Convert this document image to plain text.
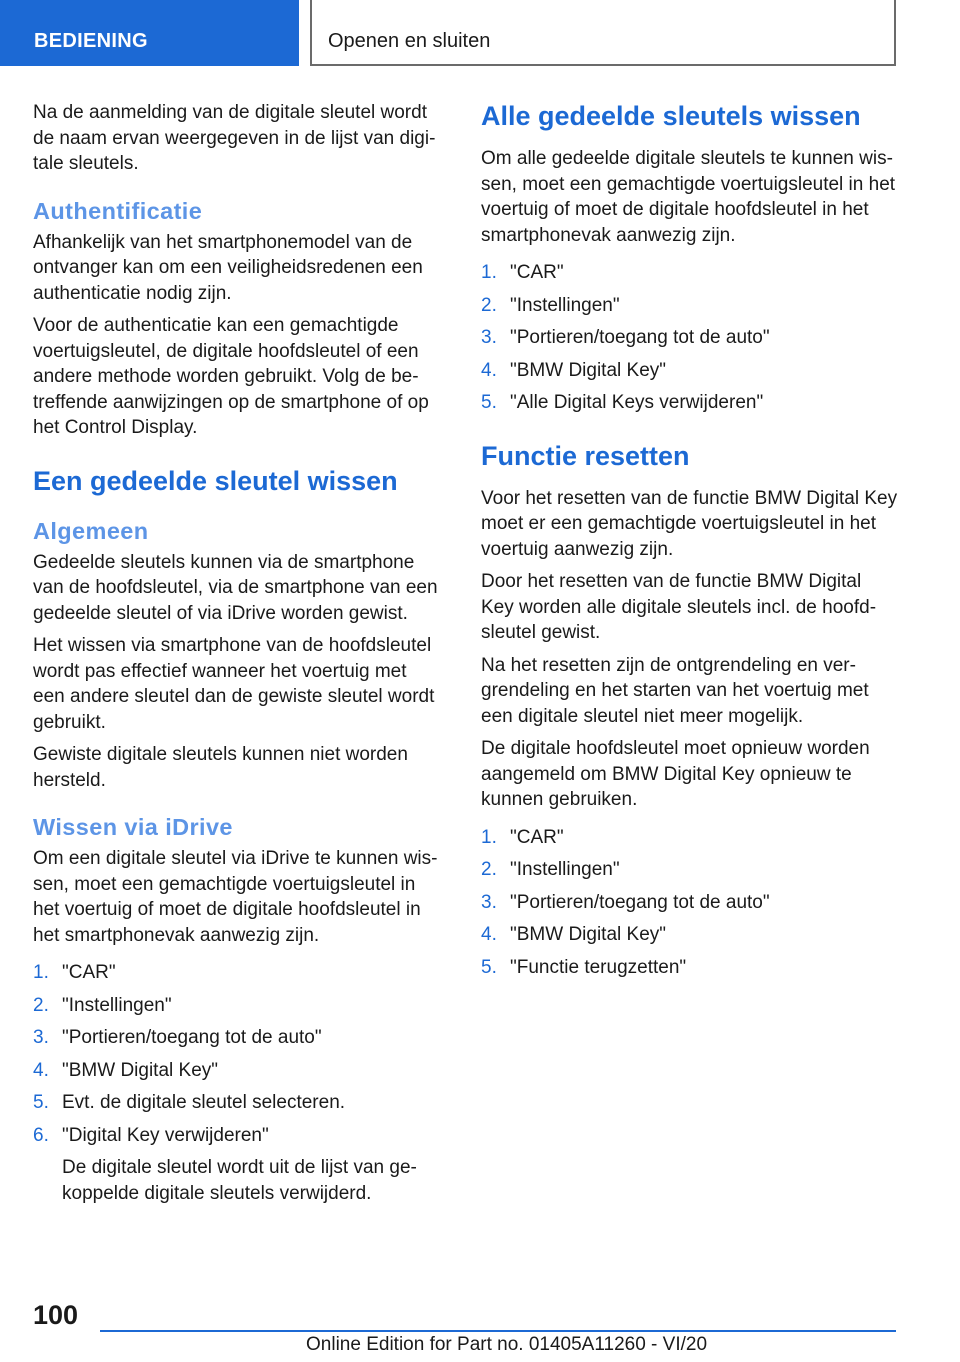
BEDIENING	Openen en sluiten

Na de aanmelding van de digitale sleutel wordt de naam ervan weergegeven in de lijst van digitale sleutels.

Authentificatie

Afhankelijk van het smartphonemodel van de ontvanger kan om een veiligheidsredenen een authenticatie nodig zijn.

Voor de authenticatie kan een gemachtigde voertuigsleutel, de digitale hoofdsleutel of een andere methode worden gebruikt. Volg de betreffende aanwijzingen op de smartphone of op het Control Display.

Een gedeelde sleutel wissen
Algemeen

Gedeelde sleutels kunnen via de smartphone van de hoofdsleutel, via de smartphone van een gedeelde sleutel of via iDrive worden gewist.

Het wissen via smartphone van de hoofdsleutel wordt pas effectief wanneer het voertuig met een andere sleutel dan de gewiste sleutel wordt gebruikt.

Gewiste digitale sleutels kunnen niet worden hersteld.

Wissen via iDrive

Om een digitale sleutel via iDrive te kunnen wissen, moet een gemachtigde voertuigsleutel in het voertuig of moet de digitale hoofdsleutel in het smartphonevak aanwezig zijn.

1. "CAR"
2. "Instellingen"
3. "Portieren/toegang tot de auto"
4. "BMW Digital Key"
5. Evt. de digitale sleutel selecteren.
6. "Digital Key verwijderen"
De digitale sleutel wordt uit de lijst van gekoppelde digitale sleutels verwijderd.
Alle gedeelde sleutels wissen

Om alle gedeelde digitale sleutels te kunnen wissen, moet een gemachtigde voertuigsleutel in het voertuig of moet de digitale hoofdsleutel in het smartphonevak aanwezig zijn.

1. "CAR"
2. "Instellingen"
3. "Portieren/toegang tot de auto"
4. "BMW Digital Key"
5. "Alle Digital Keys verwijderen"
Functie resetten

Voor het resetten van de functie BMW Digital Key moet er een gemachtigde voertuigsleutel in het voertuig aanwezig zijn.

Door het resetten van de functie BMW Digital Key worden alle digitale sleutels incl. de hoofdsleutel gewist.

Na het resetten zijn de ontgrendeling en vergrendeling en het starten van het voertuig met een digitale sleutel niet meer mogelijk.

De digitale hoofdsleutel moet opnieuw worden aangemeld om BMW Digital Key opnieuw te kunnen gebruiken.

1. "CAR"
2. "Instellingen"
3. "Portieren/toegang tot de auto"
4. "BMW Digital Key"
5. "Functie terugzetten"
100
Online Edition for Part no. 01405A11260 - VI/20
